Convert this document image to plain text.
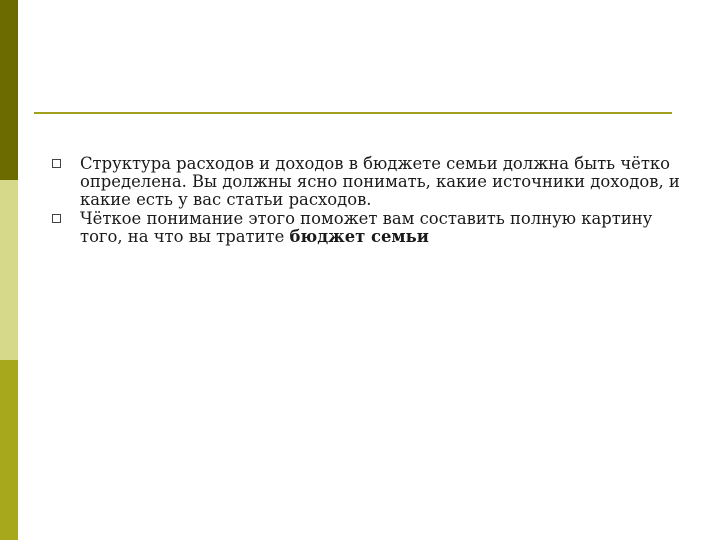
Структура расходов и доходов в бюджете семьи должна быть чётко определена. Вы должны ясно понимать, какие источники доходов, и какие есть у вас статьи расходов.
Чёткое понимание этого поможет вам составить полную картину того, на что вы тратите бюджет семьи
